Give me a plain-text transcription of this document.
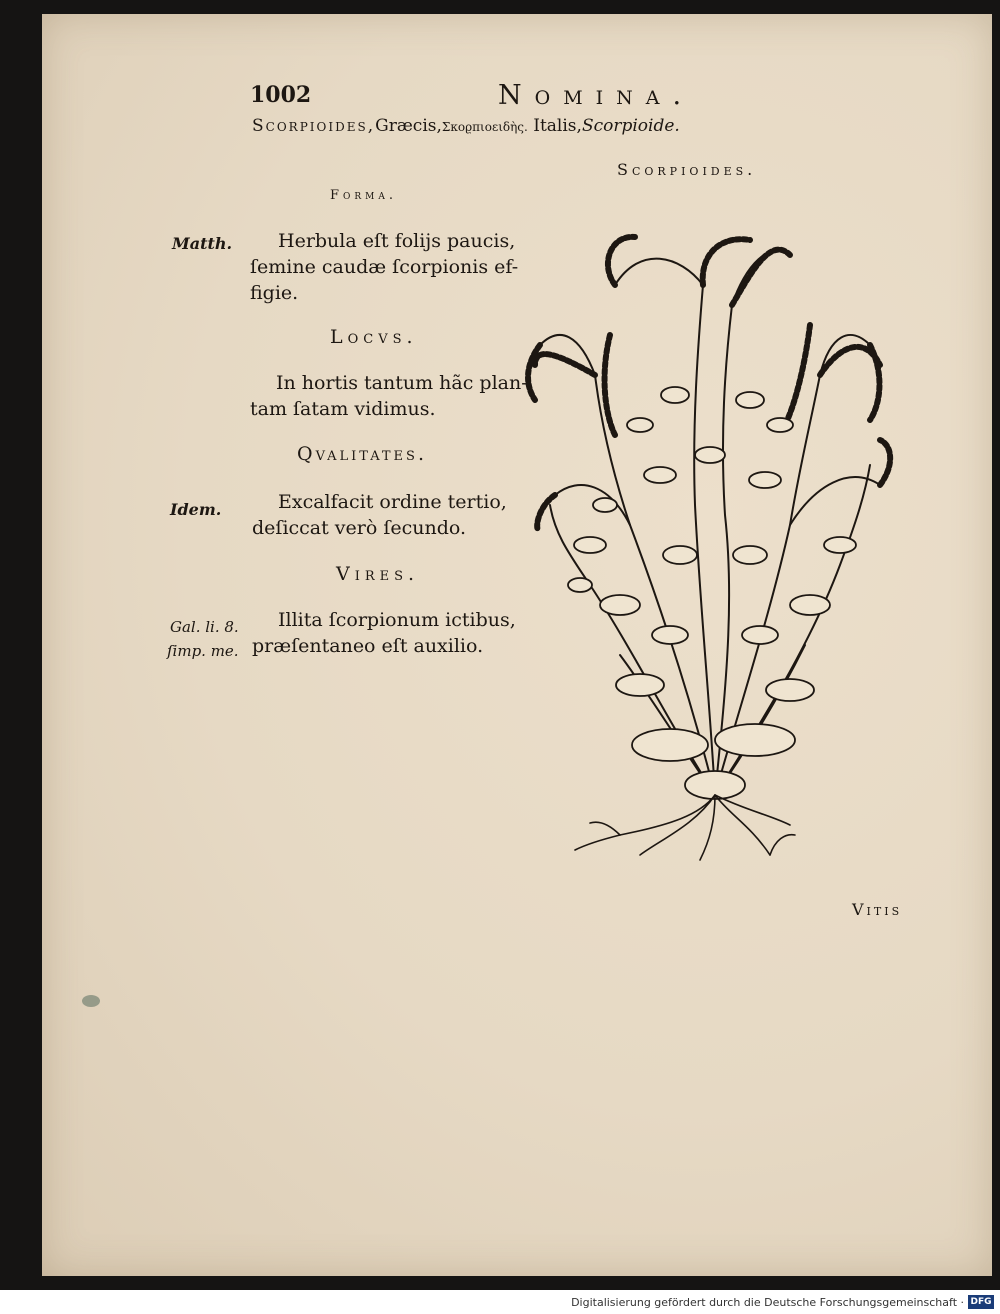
1002	Nomina.
Scorpioides,Græcis,Σκοϱπιοειδὴς. Italis,Scorpioide.
Scorpioides.
Forma.
Matth. Herbula eſt folijs paucis,
ſemine caudæ ſcorpionis ef-
figie.
Locvs.
In hortis tantum hãc plan-
tam ſatam vidimus.
Qvalitates.
Idem.	Excalfacit ordine tertio,
deſiccat verò ſecundo.
Vires.
Gal. li. 8.
ſimp. me.
Illita ſcorpionum ictibus,
præſentaneo eſt auxilio.
Vitis
Digitalisierung gefördert durch die Deutsche Forschungsgemeinschaft · DFG
